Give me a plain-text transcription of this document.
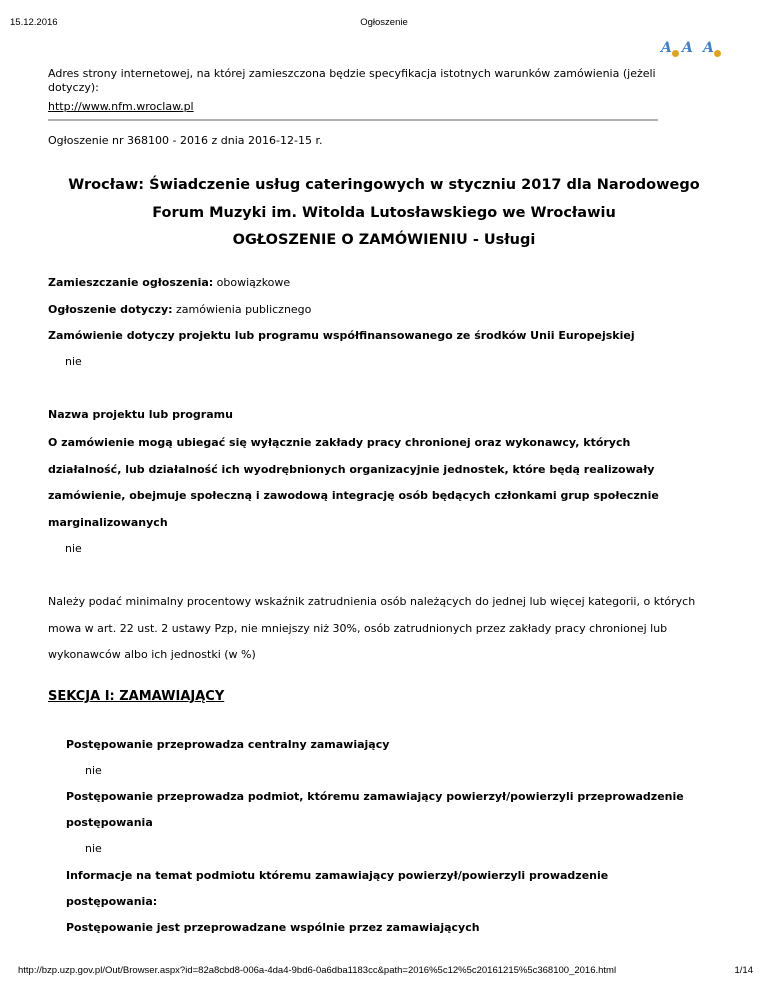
15.12.2016	Ogłoszenie
A A A
Adres strony internetowej, na której zamieszczona będzie specyfikacja istotnych warunków zamówienia (jeżeli
dotyczy):
http://www.nfm.wroclaw.pl
Ogłoszenie nr 368100 - 2016 z dnia 2016-12-15 r.
Wrocław: Świadczenie usług cateringowych w styczniu 2017 dla Narodowego
Forum Muzyki im. Witolda Lutosławskiego we Wrocławiu
OGŁOSZENIE O ZAMÓWIENIU - Usługi
Zamieszczanie ogłoszenia: obowiązkowe
Ogłoszenie dotyczy: zamówienia publicznego
Zamówienie dotyczy projektu lub programu współfinansowanego ze środków Unii Europejskiej
nie
Nazwa projektu lub programu
O zamówienie mogą ubiegać się wyłącznie zakłady pracy chronionej oraz wykonawcy, których
działalność, lub działalność ich wyodrębnionych organizacyjnie jednostek, które będą realizowały
zamówienie, obejmuje społeczną i zawodową integrację osób będących członkami grup społecznie
marginalizowanych
nie
Należy podać minimalny procentowy wskaźnik zatrudnienia osób należących do jednej lub więcej kategorii, o których
mowa w art. 22 ust. 2 ustawy Pzp, nie mniejszy niż 30%, osób zatrudnionych przez zakłady pracy chronionej lub
wykonawców albo ich jednostki (w %)
SEKCJA I: ZAMAWIAJĄCY
Postępowanie przeprowadza centralny zamawiający
nie
Postępowanie przeprowadza podmiot, któremu zamawiający powierzył/powierzyli przeprowadzenie
postępowania
nie
Informacje na temat podmiotu któremu zamawiający powierzył/powierzyli prowadzenie
postępowania:
Postępowanie jest przeprowadzane wspólnie przez zamawiających
http://bzp.uzp.gov.pl/Out/Browser.aspx?id=82a8cbd8-006a-4da4-9bd6-0a6dba1183cc&path=2016%5c12%5c20161215%5c368100_2016.html	1/14
